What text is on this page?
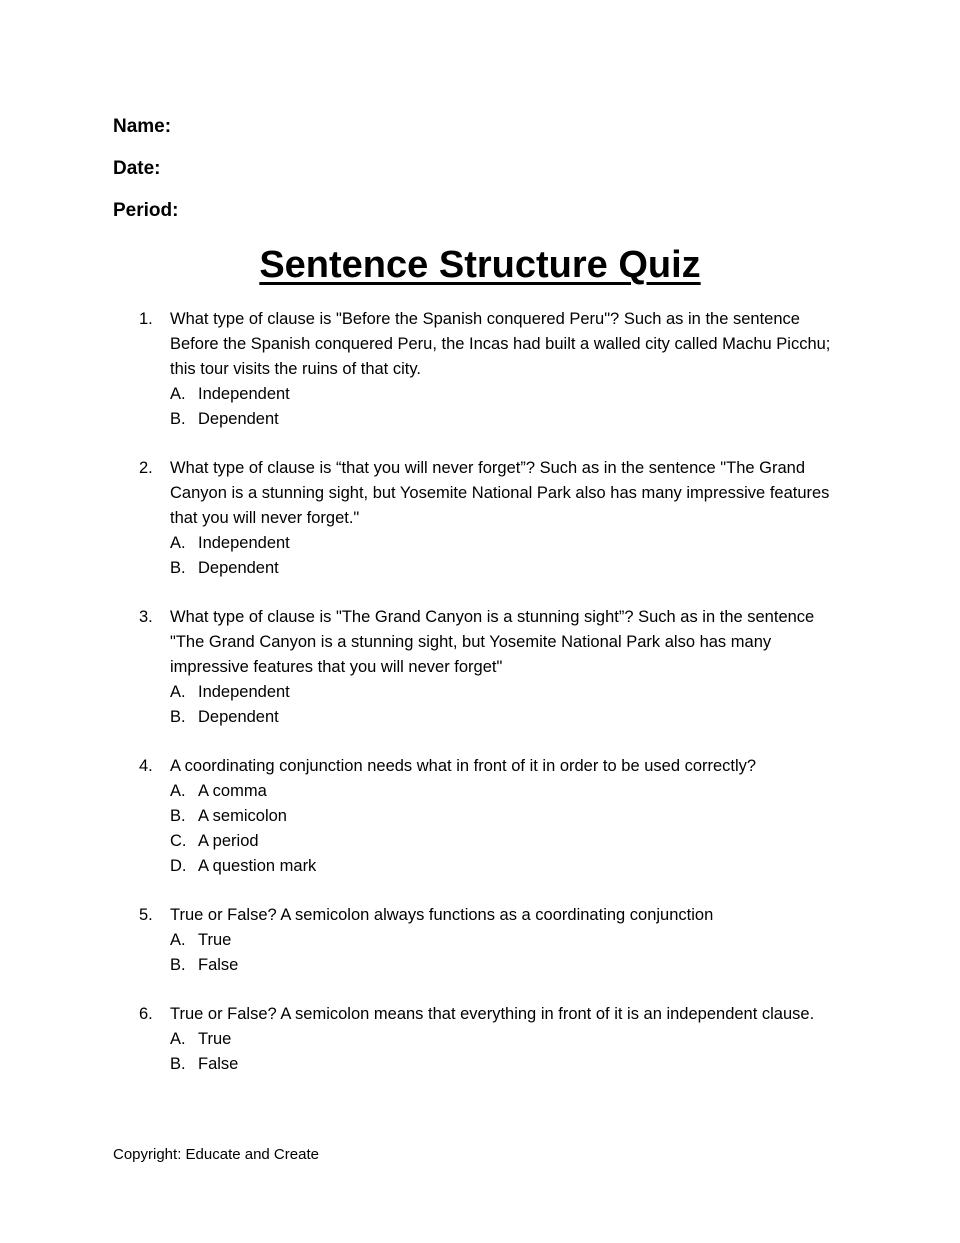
Name:
Date:
Period:
Sentence Structure Quiz
1.	What type of clause is "Before the Spanish conquered Peru"? Such as in the sentence Before the Spanish conquered Peru, the Incas had built a walled city called Machu Picchu; this tour visits the ruins of that city.
A. Independent
B. Dependent
2.	What type of clause is “that you will never forget”? Such as in the sentence "The Grand Canyon is a stunning sight, but Yosemite National Park also has many impressive features that you will never forget."
A. Independent
B. Dependent
3.	What type of clause is "The Grand Canyon is a stunning sight”? Such as in the sentence "The Grand Canyon is a stunning sight, but Yosemite National Park also has many impressive features that you will never forget"
A. Independent
B. Dependent
4.	A coordinating conjunction needs what in front of it in order to be used correctly?
A. A comma
B. A semicolon
C. A period
D. A question mark
5.	True or False? A semicolon always functions as a coordinating conjunction
A. True
B. False
6.	True or False? A semicolon means that everything in front of it is an independent clause.
A. True
B. False
Copyright: Educate and Create
